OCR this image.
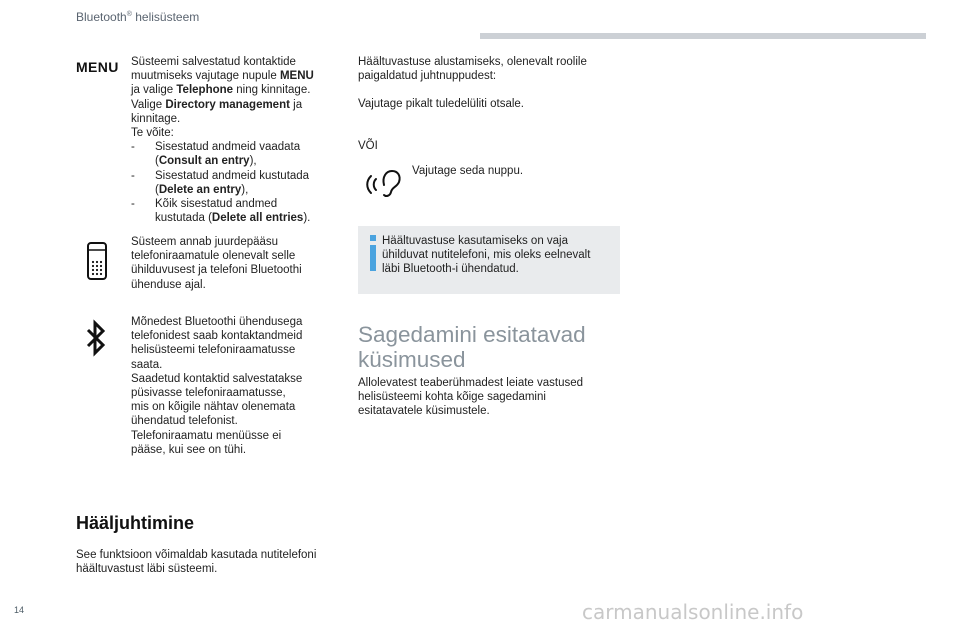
Bluetooth® helisüsteem
MENU Süsteemi salvestatud kontaktide
muutmiseks vajutage nupule MENU
ja valige Telephone ning kinnitage.
Valige Directory management ja
kinnitage.
Te võite:
-	Sisestatud andmeid vaadata
(Consult an entry),
-	Sisestatud andmeid kustutada
(Delete an entry),
-	Kõik sisestatud andmed
kustutada (Delete all entries).
Süsteem annab juurdepääsu
telefoniraamatule olenevalt selle
ühilduvusest ja telefoni Bluetoothi
ühenduse ajal.
Mõnedest Bluetoothi ühendusega
telefonidest saab kontaktandmeid
helisüsteemi telefoniraamatusse
saata.
Saadetud kontaktid salvestatakse
püsivasse telefoniraamatusse,
mis on kõigile nähtav olenemata
ühendatud telefonist.
Telefoniraamatu menüüsse ei
pääse, kui see on tühi.
Hääljuhtimine
See funktsioon võimaldab kasutada nutitelefoni
häältuvastust läbi süsteemi.
Häältuvastuse alustamiseks, olenevalt roolile
paigaldatud juhtnuppudest:
Vajutage pikalt tuledelüliti otsale.
VÕI
Vajutage seda nuppu.
Häältuvastuse kasutamiseks on vaja
ühilduvat nutitelefoni, mis oleks eelnevalt
läbi Bluetooth-i ühendatud.
Sagedamini esitatavad
küsimused
Allolevatest teaberühmadest leiate vastused
helisüsteemi kohta kõige sagedamini
esitatavatele küsimustele.
14	carmanualsonline.info
